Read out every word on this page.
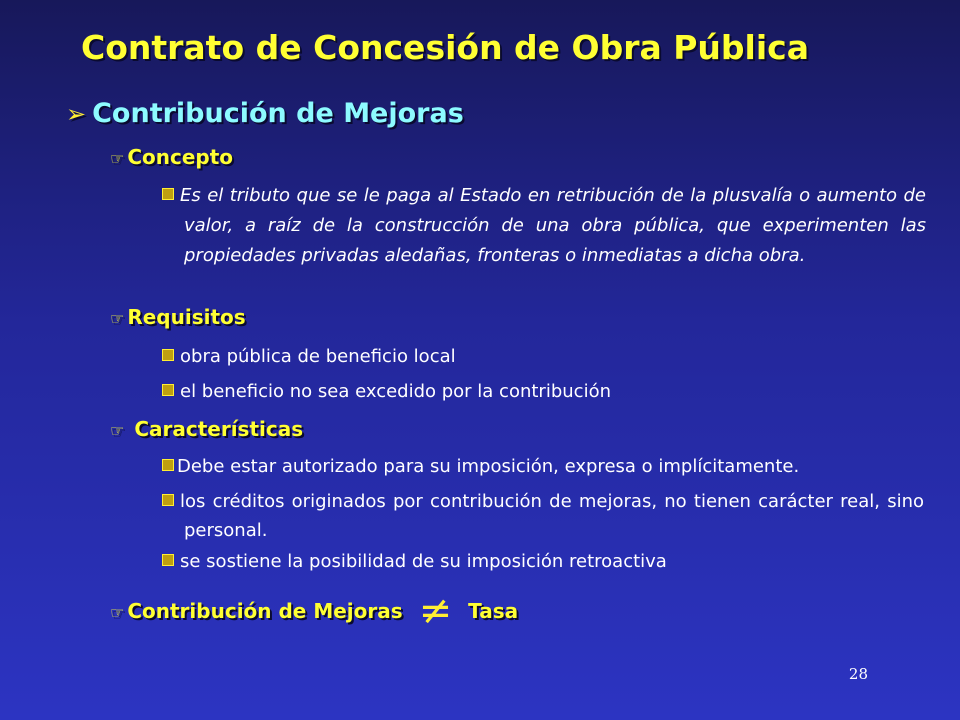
Contrato de Concesión de Obra Pública
➢ Contribución de Mejoras
☞ Concepto
Es el tributo que se le paga al Estado en retribución de la plusvalía o aumento de valor, a raíz de la construcción de una obra pública, que experimenten las propiedades privadas aledañas, fronteras o inmediatas a dicha obra.
☞ Requisitos
obra pública de beneficio local
el beneficio no sea excedido por la contribución
☞ Características
Debe estar autorizado para su imposición, expresa o implícitamente.
los créditos originados por contribución de mejoras, no tienen carácter real, sino personal.
se sostiene la posibilidad de su imposición retroactiva
☞ Contribución de Mejoras ≠ Tasa
28
